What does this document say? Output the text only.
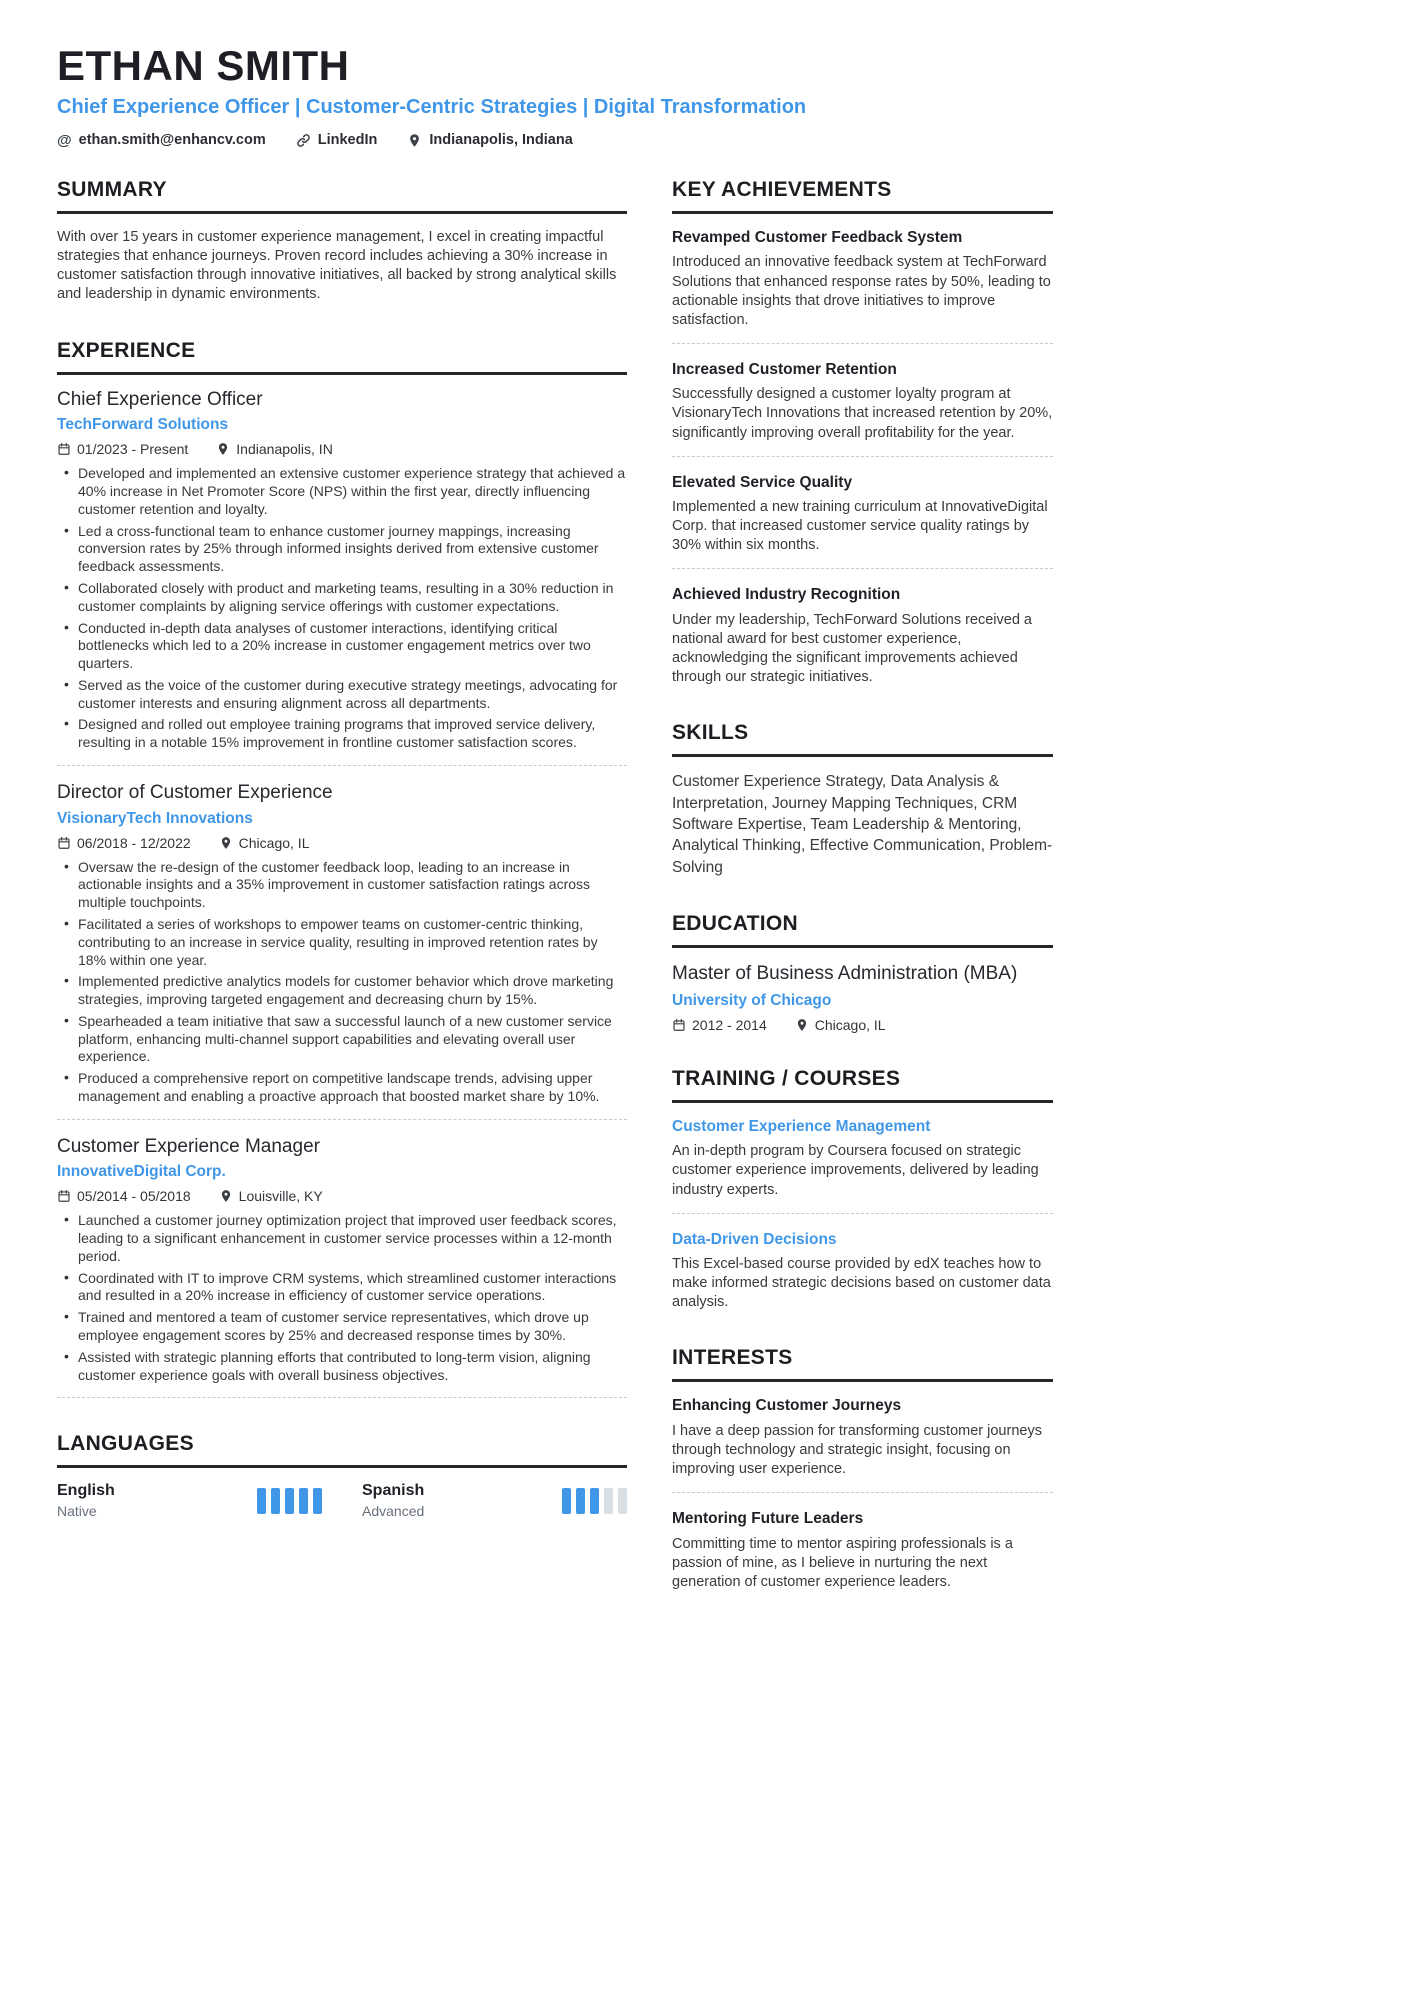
ETHAN SMITH
Chief Experience Officer | Customer-Centric Strategies | Digital Transformation
@ ethan.smith@enhancv.com	LinkedIn	Indianapolis, Indiana
SUMMARY

With over 15 years in customer experience management, I excel in creating impactful strategies that enhance journeys. Proven record includes achieving a 30% increase in customer satisfaction through innovative initiatives, all backed by strong analytical skills and leadership in dynamic environments.

EXPERIENCE
Chief Experience Officer
TechForward Solutions
01/2023 - Present	Indianapolis, IN
• Developed and implemented an extensive customer experience strategy that achieved a 40% increase in Net Promoter Score (NPS) within the first year, directly influencing customer retention and loyalty.
• Led a cross-functional team to enhance customer journey mappings, increasing conversion rates by 25% through informed insights derived from extensive customer feedback assessments.
• Collaborated closely with product and marketing teams, resulting in a 30% reduction in customer complaints by aligning service offerings with customer expectations.
• Conducted in-depth data analyses of customer interactions, identifying critical bottlenecks which led to a 20% increase in customer engagement metrics over two quarters.
• Served as the voice of the customer during executive strategy meetings, advocating for customer interests and ensuring alignment across all departments.
• Designed and rolled out employee training programs that improved service delivery, resulting in a notable 15% improvement in frontline customer satisfaction scores.
Director of Customer Experience
VisionaryTech Innovations
06/2018 - 12/2022	Chicago, IL
• Oversaw the re-design of the customer feedback loop, leading to an increase in actionable insights and a 35% improvement in customer satisfaction ratings across multiple touchpoints.
• Facilitated a series of workshops to empower teams on customer-centric thinking, contributing to an increase in service quality, resulting in improved retention rates by 18% within one year.
• Implemented predictive analytics models for customer behavior which drove marketing strategies, improving targeted engagement and decreasing churn by 15%.
• Spearheaded a team initiative that saw a successful launch of a new customer service platform, enhancing multi-channel support capabilities and elevating overall user experience.
• Produced a comprehensive report on competitive landscape trends, advising upper management and enabling a proactive approach that boosted market share by 10%.
Customer Experience Manager
InnovativeDigital Corp.
05/2014 - 05/2018	Louisville, KY
• Launched a customer journey optimization project that improved user feedback scores, leading to a significant enhancement in customer service processes within a 12-month period.
• Coordinated with IT to improve CRM systems, which streamlined customer interactions and resulted in a 20% increase in efficiency of customer service operations.
• Trained and mentored a team of customer service representatives, which drove up employee engagement scores by 25% and decreased response times by 30%.
• Assisted with strategic planning efforts that contributed to long-term vision, aligning customer experience goals with overall business objectives.
LANGUAGES
English
Native
Spanish
Advanced
KEY ACHIEVEMENTS
Revamped Customer Feedback System

Introduced an innovative feedback system at TechForward Solutions that enhanced response rates by 50%, leading to actionable insights that drove initiatives to improve satisfaction.

Increased Customer Retention

Successfully designed a customer loyalty program at VisionaryTech Innovations that increased retention by 20%, significantly improving overall profitability for the year.

Elevated Service Quality

Implemented a new training curriculum at InnovativeDigital Corp. that increased customer service quality ratings by 30% within six months.

Achieved Industry Recognition

Under my leadership, TechForward Solutions received a national award for best customer experience, acknowledging the significant improvements achieved through our strategic initiatives.

SKILLS

Customer Experience Strategy, Data Analysis & Interpretation, Journey Mapping Techniques, CRM Software Expertise, Team Leadership & Mentoring, Analytical Thinking, Effective Communication, Problem-Solving

EDUCATION
Master of Business Administration (MBA)
University of Chicago
2012 - 2014	Chicago, IL
TRAINING / COURSES
Customer Experience Management

An in-depth program by Coursera focused on strategic customer experience improvements, delivered by leading industry experts.

Data-Driven Decisions

This Excel-based course provided by edX teaches how to make informed strategic decisions based on customer data analysis.

INTERESTS
Enhancing Customer Journeys

I have a deep passion for transforming customer journeys through technology and strategic insight, focusing on improving user experience.

Mentoring Future Leaders

Committing time to mentor aspiring professionals is a passion of mine, as I believe in nurturing the next generation of customer experience leaders.
